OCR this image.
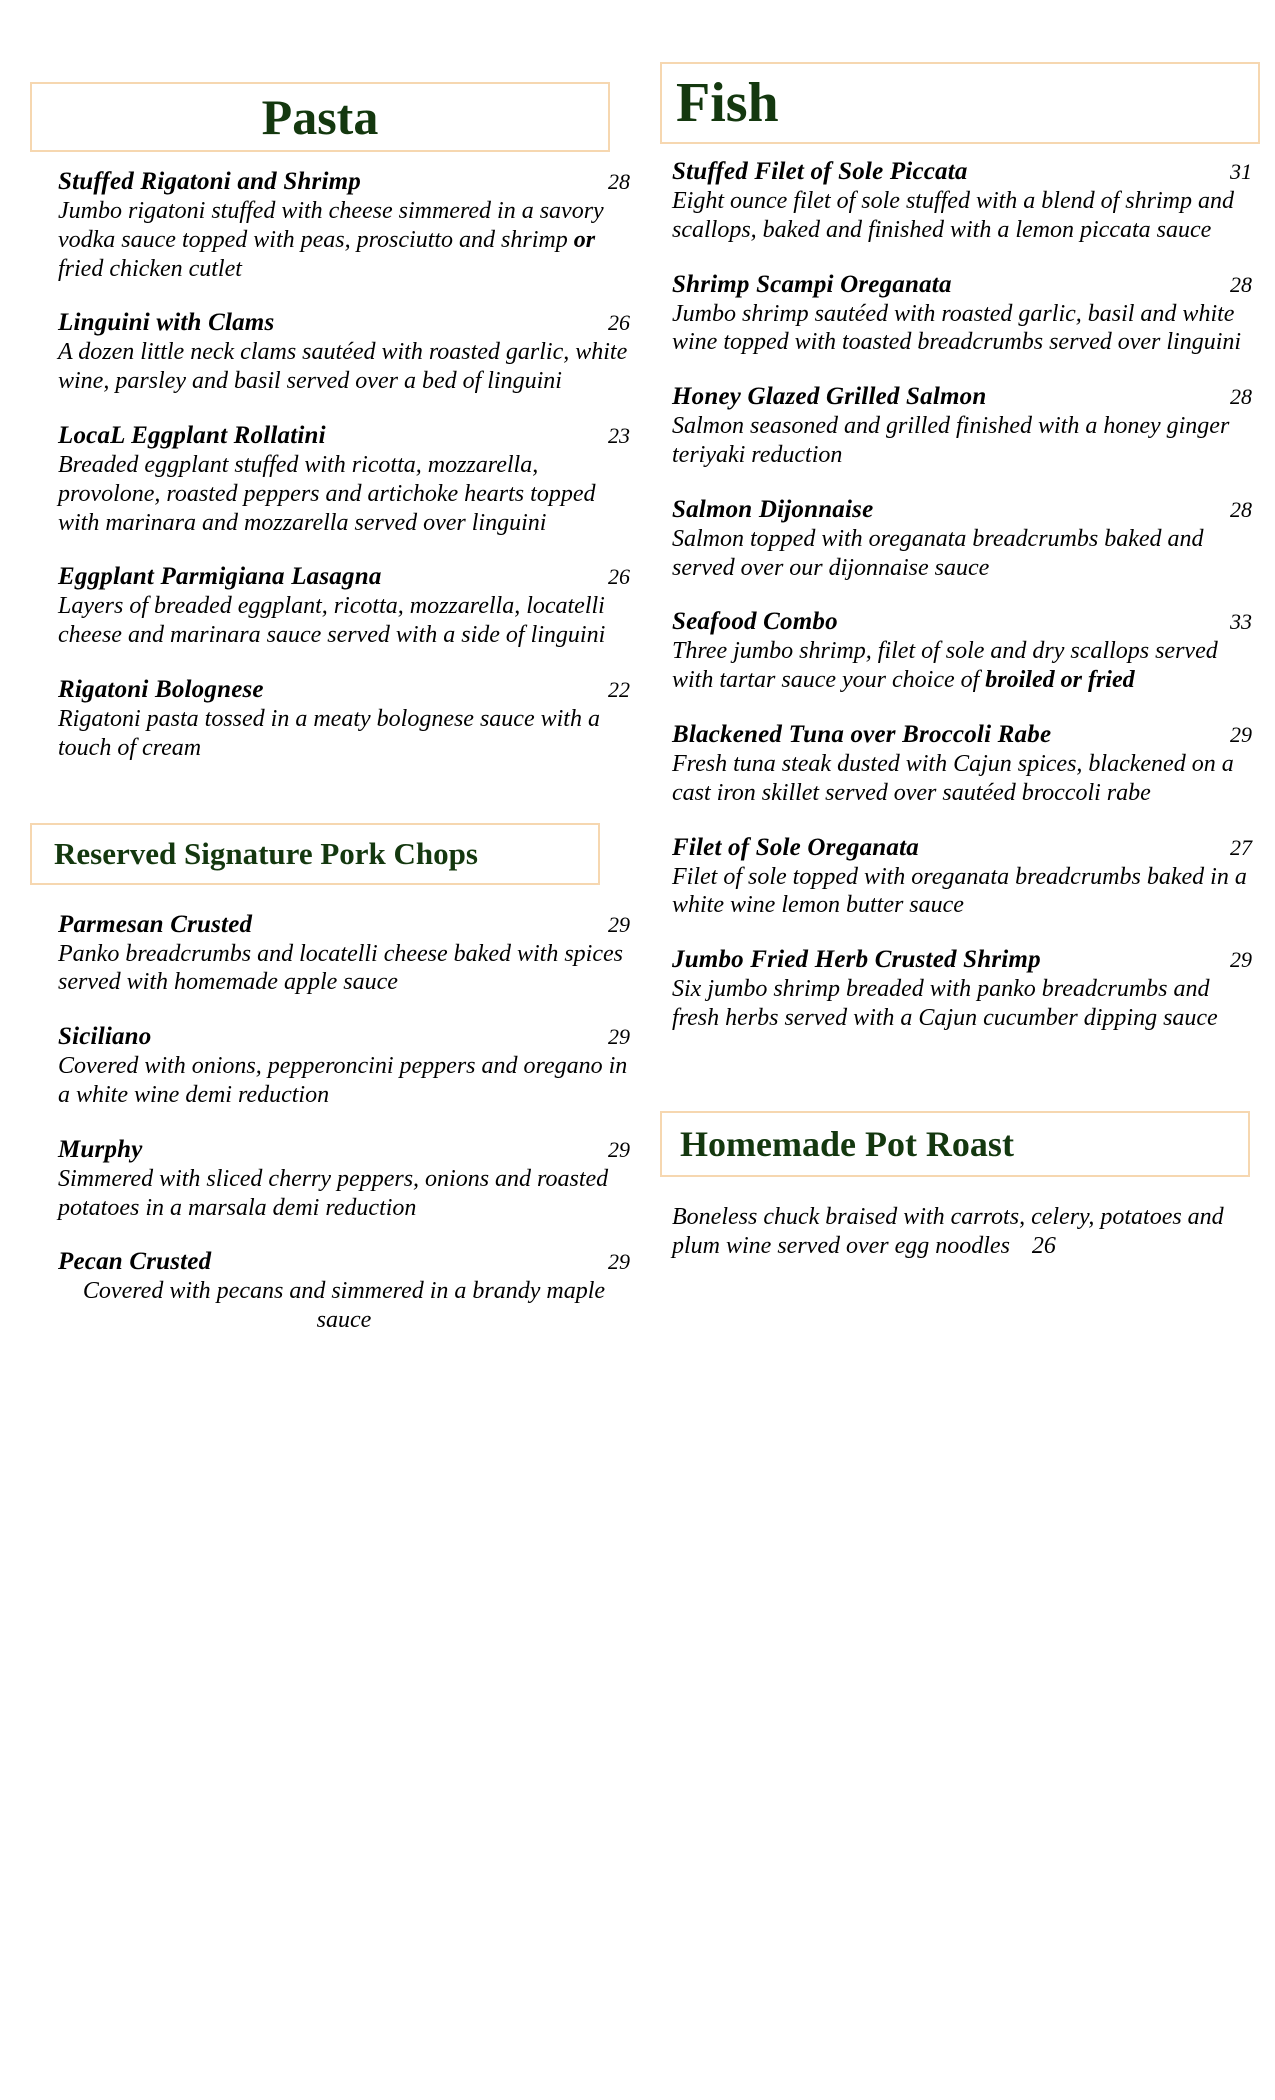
Pasta
Stuffed Rigatoni and Shrimp	28
Jumbo rigatoni stuffed with cheese simmered in a savory vodka sauce topped with peas, prosciutto and shrimp or fried chicken cutlet
Linguini with Clams	26
A dozen little neck clams sautéed with roasted garlic, white wine, parsley and basil served over a bed of linguini
LocaL Eggplant Rollatini	23
Breaded eggplant stuffed with ricotta, mozzarella, provolone, roasted peppers and artichoke hearts topped with marinara and mozzarella served over linguini
Eggplant Parmigiana Lasagna	26
Layers of breaded eggplant, ricotta, mozzarella, locatelli cheese and marinara sauce served with a side of linguini
Rigatoni Bolognese	22
Rigatoni pasta tossed in a meaty bolognese sauce with a touch of cream
Reserved Signature Pork Chops
Parmesan Crusted	29
Panko breadcrumbs and locatelli cheese baked with spices served with homemade apple sauce
Siciliano	29
Covered with onions, pepperoncini peppers and oregano in a white wine demi reduction
Murphy	29
Simmered with sliced cherry peppers, onions and roasted potatoes in a marsala demi reduction
Pecan Crusted	29
Covered with pecans and simmered in a brandy maple sauce
Fish
Stuffed Filet of Sole Piccata	31
Eight ounce filet of sole stuffed with a blend of shrimp and scallops, baked and finished with a lemon piccata sauce
Shrimp Scampi Oreganata	28
Jumbo shrimp sautéed with roasted garlic, basil and white wine topped with toasted breadcrumbs served over linguini
Honey Glazed Grilled Salmon	28
Salmon seasoned and grilled finished with a honey ginger teriyaki reduction
Salmon Dijonnaise	28
Salmon topped with oreganata breadcrumbs baked and served over our dijonnaise sauce
Seafood Combo	33
Three jumbo shrimp, filet of sole and dry scallops served with tartar sauce your choice of broiled or fried
Blackened Tuna over Broccoli Rabe	29
Fresh tuna steak dusted with Cajun spices, blackened on a cast iron skillet served over sautéed broccoli rabe
Filet of Sole Oreganata	27
Filet of sole topped with oreganata breadcrumbs baked in a white wine lemon butter sauce
Jumbo Fried Herb Crusted Shrimp	29
Six jumbo shrimp breaded with panko breadcrumbs and fresh herbs served with a Cajun cucumber dipping sauce
Homemade Pot Roast
Boneless chuck braised with carrots, celery, potatoes and plum wine served over egg noodles 26
